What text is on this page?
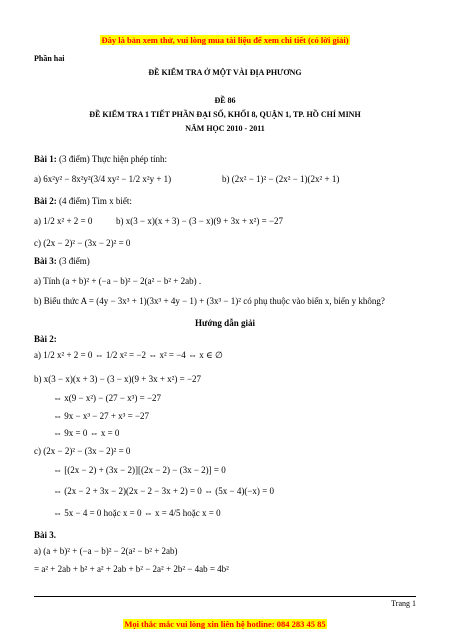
Đây là bản xem thử, vui lòng mua tài liệu để xem chi tiết (có lời giải)
Phần hai
ĐỀ KIỂM TRA Ở MỘT VÀI ĐỊA PHƯƠNG
ĐỀ 86
ĐỀ KIỂM TRA 1 TIẾT PHẦN ĐẠI SỐ, KHỐI 8, QUẬN 1, TP. HỒ CHÍ MINH
NĂM HỌC 2010 - 2011
Bài 1: (3 điểm) Thực hiện phép tính:
a) 6x²y² − 8x²y²(3/4 xy² − 1/2 x²y + 1)	b) (2x² − 1)² − (2x² − 1)(2x² + 1)
Bài 2: (4 điểm) Tìm x biết:
a) 1/2 x² + 2 = 0	b) x(3 − x)(x + 3) − (3 − x)(9 + 3x + x²) = −27
c) (2x − 2)² − (3x − 2)² = 0
Bài 3: (3 điểm)
a) Tính (a + b)² + (−a − b)² − 2(a² − b² + 2ab) .
b) Biểu thức A = (4y − 3x³ + 1)(3x³ + 4y − 1) + (3x³ − 1)² có phụ thuộc vào biến x, biến y không?
Hướng dẫn giải
Bài 2:
a) 1/2 x² + 2 = 0 ⇔ 1/2 x² = −2 ⇔ x² = −4 ⇔ x ∈ ∅
b) x(3 − x)(x + 3) − (3 − x)(9 + 3x + x²) = −27
⇔ x(9 − x²) − (27 − x³) = −27
⇔ 9x − x³ − 27 + x³ = −27
⇔ 9x = 0 ⇔ x = 0
c) (2x − 2)² − (3x − 2)² = 0
⇔ [(2x − 2) + (3x − 2)][(2x − 2) − (3x − 2)] = 0
⇔ (2x − 2 + 3x − 2)(2x − 2 − 3x + 2) = 0 ⇔ (5x − 4)(−x) = 0
⇔ 5x − 4 = 0 hoặc x = 0 ⇔ x = 4/5 hoặc x = 0
Bài 3.
a) (a + b)² + (−a − b)² − 2(a² − b² + 2ab)
= a² + 2ab + b² + a² + 2ab + b² − 2a² + 2b² − 4ab = 4b²
Trang 1
Mọi thắc mắc vui lòng xin liên hệ hotline: 084 283 45 85
